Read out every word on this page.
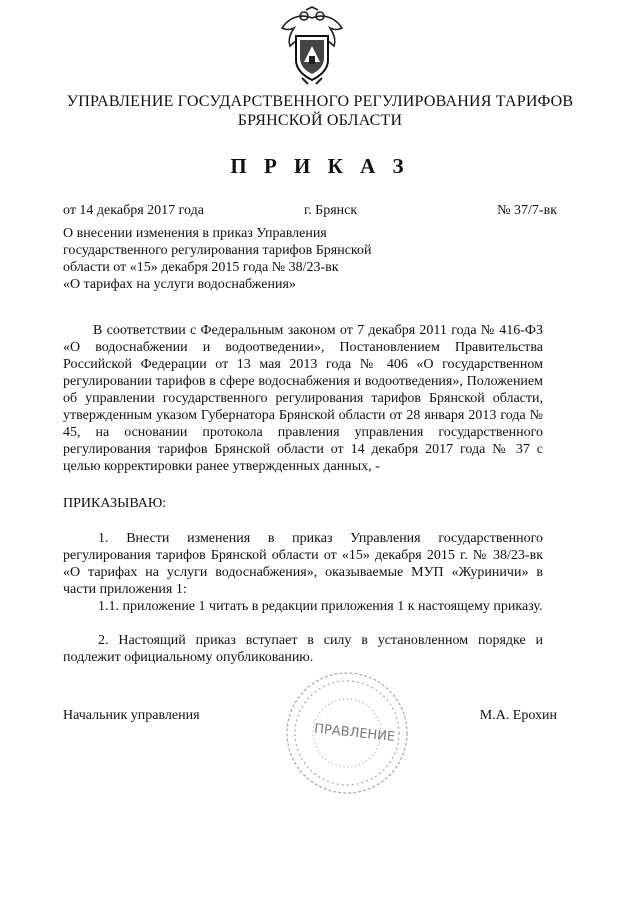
УПРАВЛЕНИЕ ГОСУДАРСТВЕННОГО РЕГУЛИРОВАНИЯ ТАРИФОВ
БРЯНСКОЙ ОБЛАСТИ
П Р И К А З
от 14 декабря 2017 года	г. Брянск	№ 37/7-вк
О внесении изменения в приказ Управления
государственного регулирования тарифов Брянской
области от «15» декабря 2015 года № 38/23-вк
«О тарифах на услуги водоснабжения»
В соответствии с Федеральным законом от 7 декабря 2011 года № 416-ФЗ «О водоснабжении и водоотведении», Постановлением Правительства Российской Федерации от 13 мая 2013 года № 406 «О государственном регулировании тарифов в сфере водоснабжения и водоотведения», Положением об управлении государственного регулирования тарифов Брянской области, утвержденным указом Губернатора Брянской области от 28 января 2013 года № 45, на основании протокола правления управления государственного регулирования тарифов Брянской области от 14 декабря 2017 года № 37 с целью корректировки ранее утвержденных данных, -
ПРИКАЗЫВАЮ:
1. Внести изменения в приказ Управления государственного регулирования тарифов Брянской области от «15» декабря 2015 г. № 38/23-вк «О тарифах на услуги водоснабжения», оказываемые МУП «Журиничи» в части приложения 1:
1.1. приложение 1 читать в редакции приложения 1 к настоящему приказу.
2. Настоящий приказ вступает в силу в установленном порядке и подлежит официальному опубликованию.
Начальник управления	М.А. Ерохин
ПРАВЛЕНИЕ
